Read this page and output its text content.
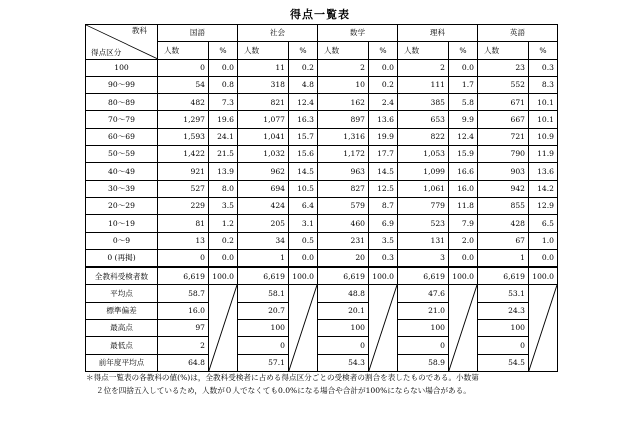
得点一覧表
教科
得点区分	国語		社会		数学		理科		英語	
	人数	%	人数	%	人数	%	人数	%	人数	%
100	0	0.0	11	0.2	2	0.0	2	0.0	23	0.3
90～99	54	0.8	318	4.8	10	0.2	111	1.7	552	8.3
80～89	482	7.3	821	12.4	162	2.4	385	5.8	671	10.1
70～79	1,297	19.6	1,077	16.3	897	13.6	653	9.9	667	10.1
60～69	1,593	24.1	1,041	15.7	1,316	19.9	822	12.4	721	10.9
50～59	1,422	21.5	1,032	15.6	1,172	17.7	1,053	15.9	790	11.9
40～49	921	13.9	962	14.5	963	14.5	1,099	16.6	903	13.6
30～39	527	8.0	694	10.5	827	12.5	1,061	16.0	942	14.2
20～29	229	3.5	424	6.4	579	8.7	779	11.8	855	12.9
10～19	81	1.2	205	3.1	460	6.9	523	7.9	428	6.5
0～9	13	0.2	34	0.5	231	3.5	131	2.0	67	1.0
0 (再掲)	0	0.0	1	0.0	20	0.3	3	0.0	1	0.0
全教科受検者数	6,619	100.0	6,619	100.0	6,619	100.0	6,619	100.0	6,619	100.0
平均点	58.7		58.1		48.8		47.6		53.1	

標準偏差	16.0		20.7		20.1		21.0		24.3	
最高点	97		100		100		100		100	
最低点	2		0		0		0		0	
前年度平均点	64.8		57.1		54.3		58.9		54.5	
＊得点一覧表の各教科の値(%)は，全教科受検者に占める得点区分ごとの受検者の割合を表したものである。小数第
２位を四捨五入しているため，人数が０人でなくても0.0%になる場合や合計が100%にならない場合がある。
